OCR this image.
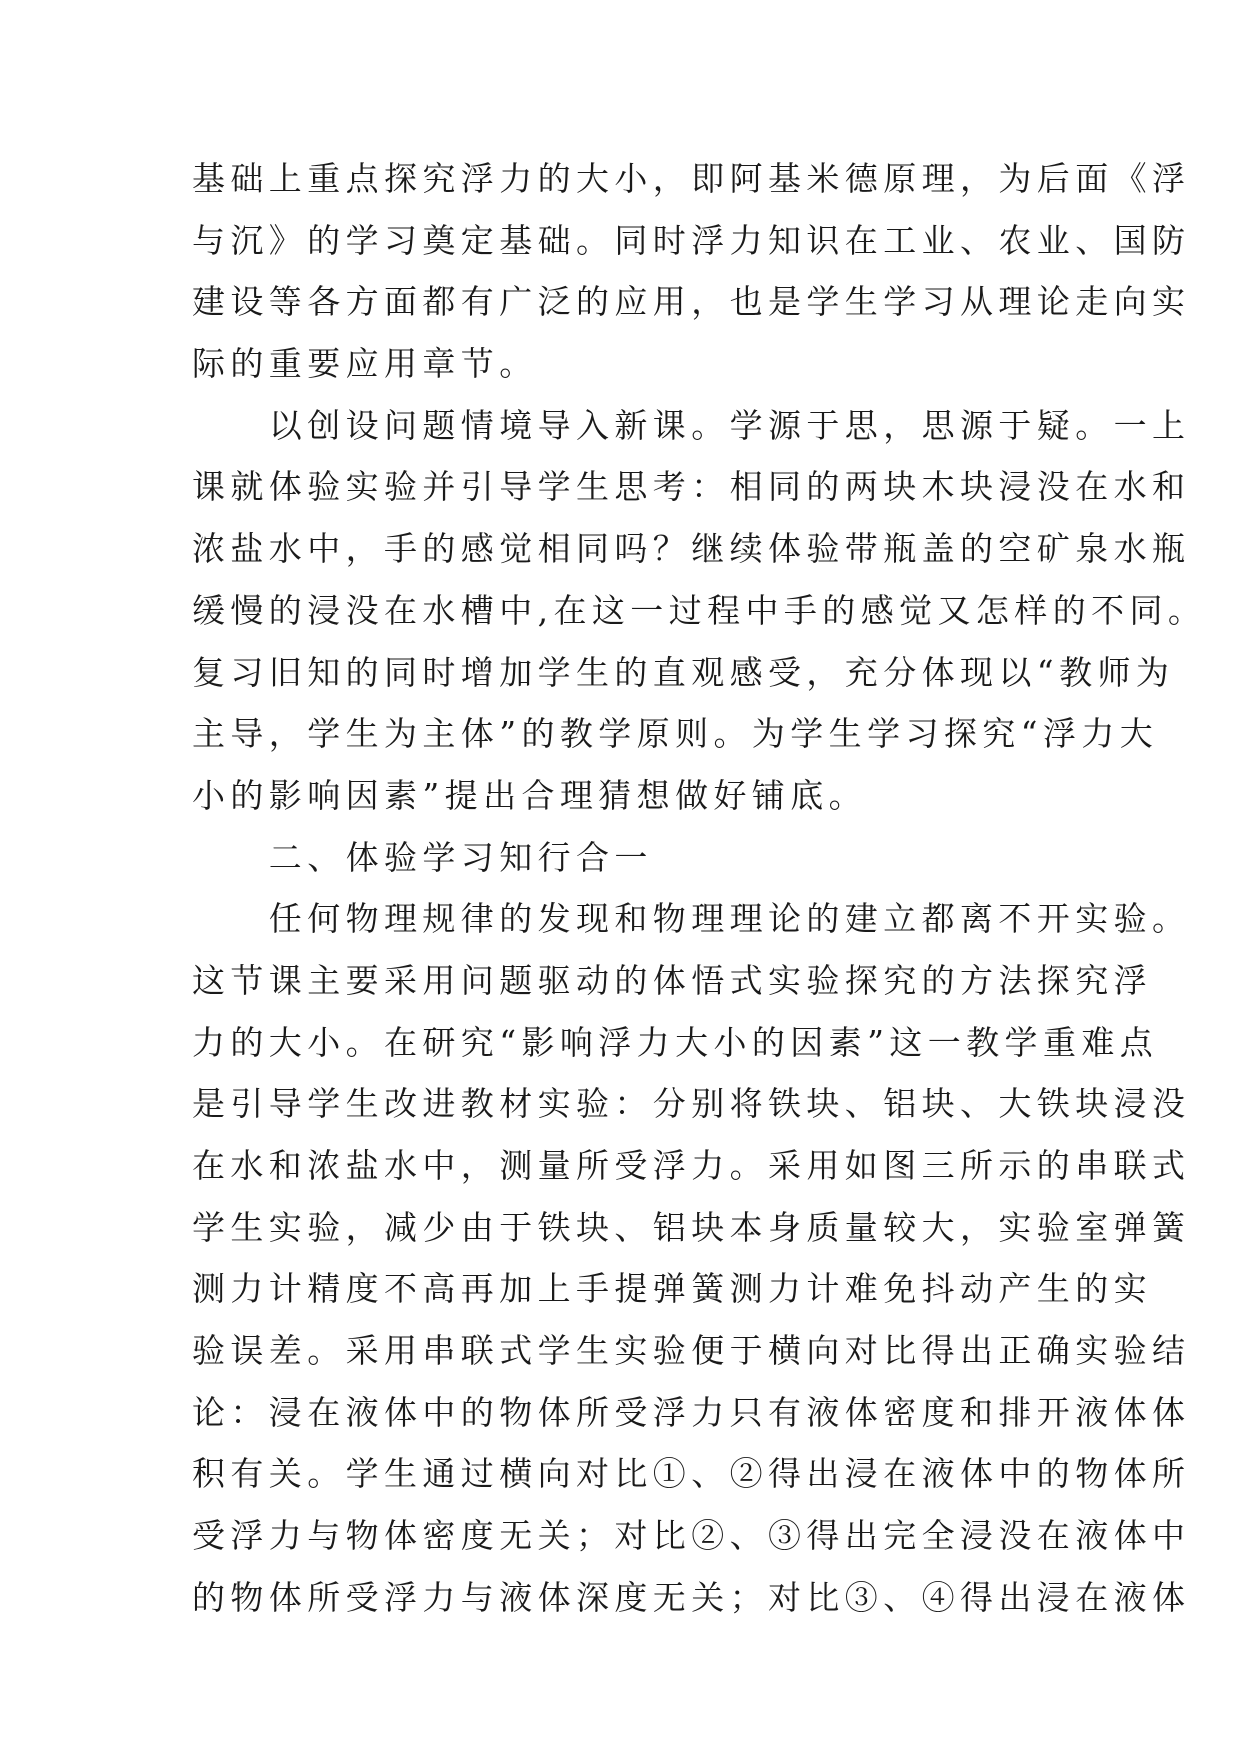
基础上重点探究浮力的大小，即阿基米德原理，为后面《浮
与沉》的学习奠定基础。同时浮力知识在工业、农业、国防
建设等各方面都有广泛的应用，也是学生学习从理论走向实
际的重要应用章节。
　　以创设问题情境导入新课。学源于思，思源于疑。一上
课就体验实验并引导学生思考：相同的两块木块浸没在水和
浓盐水中，手的感觉相同吗？继续体验带瓶盖的空矿泉水瓶
缓慢的浸没在水槽中,在这一过程中手的感觉又怎样的不同。
复习旧知的同时增加学生的直观感受，充分体现以“教师为
主导，学生为主体”的教学原则。为学生学习探究“浮力大
小的影响因素”提出合理猜想做好铺底。
　　二、体验学习知行合一
　　任何物理规律的发现和物理理论的建立都离不开实验。
这节课主要采用问题驱动的体悟式实验探究的方法探究浮
力的大小。在研究“影响浮力大小的因素”这一教学重难点
是引导学生改进教材实验：分别将铁块、铝块、大铁块浸没
在水和浓盐水中，测量所受浮力。采用如图三所示的串联式
学生实验，减少由于铁块、铝块本身质量较大，实验室弹簧
测力计精度不高再加上手提弹簧测力计难免抖动产生的实
验误差。采用串联式学生实验便于横向对比得出正确实验结
论：浸在液体中的物体所受浮力只有液体密度和排开液体体
积有关。学生通过横向对比①、②得出浸在液体中的物体所
受浮力与物体密度无关；对比②、③得出完全浸没在液体中
的物体所受浮力与液体深度无关；对比③、④得出浸在液体
